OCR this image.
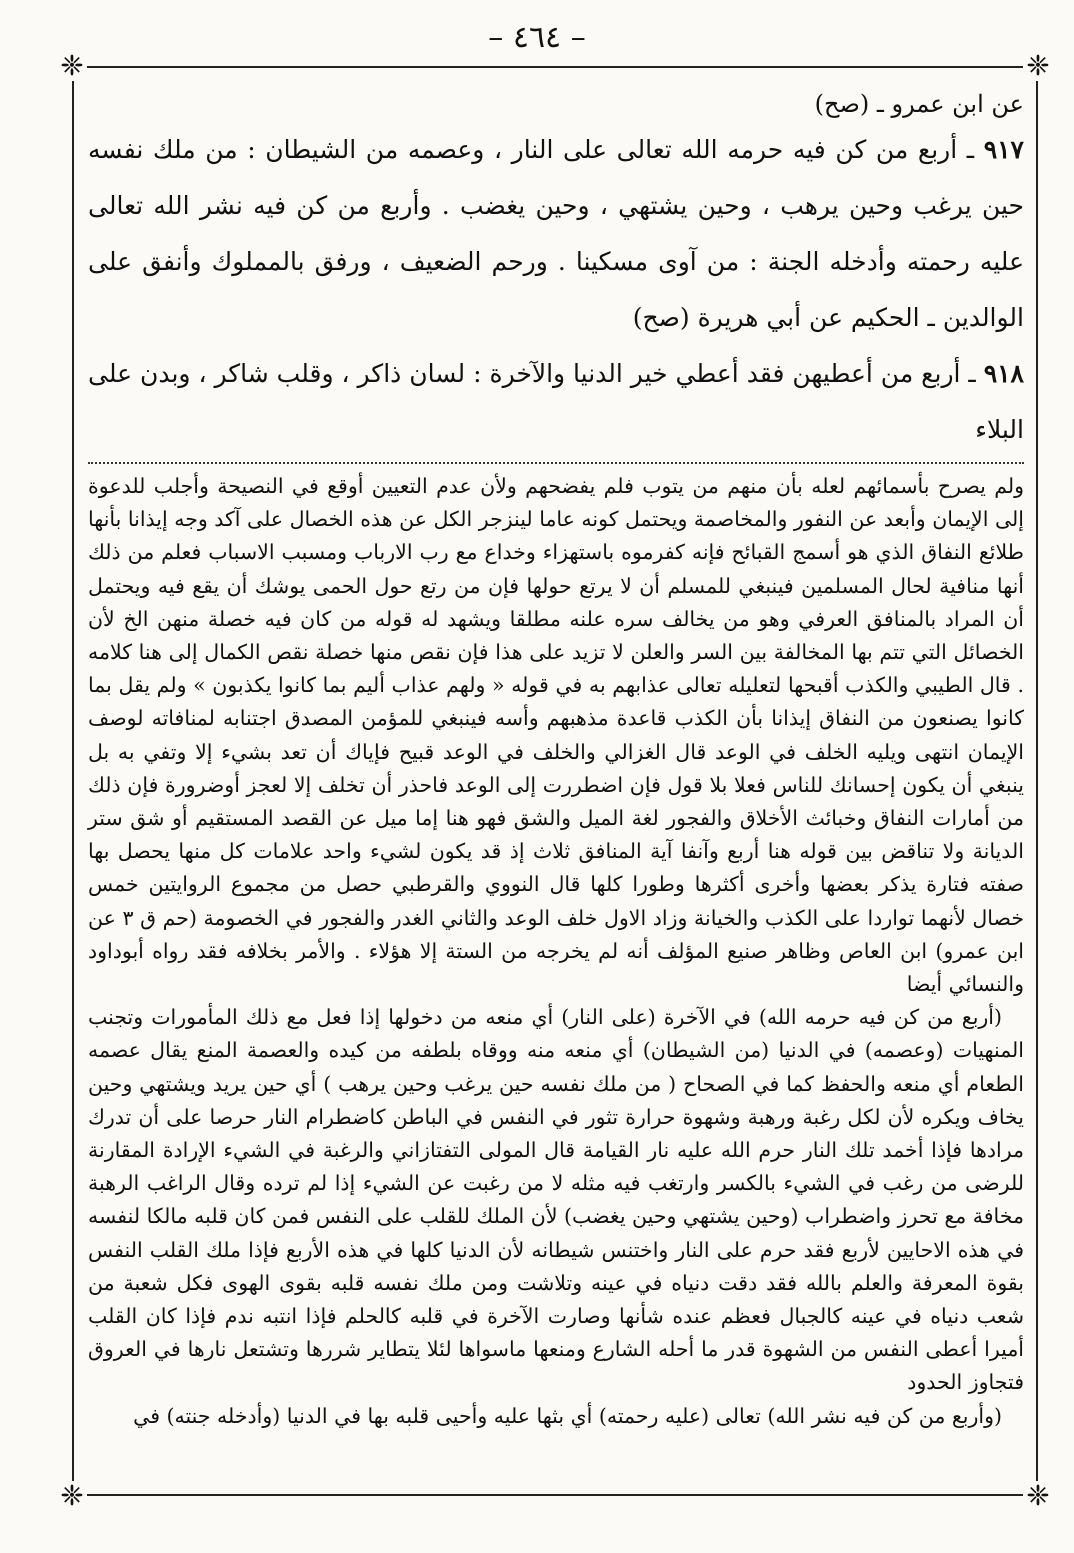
– ٤٦٤ –
❈	❈
❈	❈

عن ابن عمرو ـ (صح)

٩١٧ ـ أربع من كن فيه حرمه الله تعالى على النار ، وعصمه من الشيطان : من ملك نفسه حين يرغب وحين يرهب ، وحين يشتهي ، وحين يغضب . وأربع من كن فيه نشر الله تعالى عليه رحمته وأدخله الجنة : من آوى مسكينا . ورحم الضعيف ، ورفق بالمملوك وأنفق على الوالدين ـ الحكيم عن أبي هريرة (صح)

٩١٨ ـ أربع من أعطيهن فقد أعطي خير الدنيا والآخرة : لسان ذاكر ، وقلب شاكر ، وبدن على البلاء

ولم يصرح بأسمائهم لعله بأن منهم من يتوب فلم يفضحهم ولأن عدم التعيين أوقع في النصيحة وأجلب للدعوة إلى الإيمان وأبعد عن النفور والمخاصمة ويحتمل كونه عاما لينزجر الكل عن هذه الخصال على آكد وجه إيذانا بأنها طلائع النفاق الذي هو أسمج القبائح فإنه كفرموه باستهزاء وخداع مع رب الارباب ومسبب الاسباب فعلم من ذلك أنها منافية لحال المسلمين فينبغي للمسلم أن لا يرتع حولها فإن من رتع حول الحمى يوشك أن يقع فيه ويحتمل أن المراد بالمنافق العرفي وهو من يخالف سره علنه مطلقا ويشهد له قوله من كان فيه خصلة منهن الخ لأن الخصائل التي تتم بها المخالفة بين السر والعلن لا تزيد على هذا فإن نقص منها خصلة نقص الكمال إلى هنا كلامه . قال الطيبي والكذب أقبحها لتعليله تعالى عذابهم به في قوله « ولهم عذاب أليم بما كانوا يكذبون » ولم يقل بما كانوا يصنعون من النفاق إيذانا بأن الكذب قاعدة مذهبهم وأسه فينبغي للمؤمن المصدق اجتنابه لمنافاته لوصف الإيمان انتهى ويليه الخلف في الوعد قال الغزالي والخلف في الوعد قبيح فإياك أن تعد بشيء إلا وتفي به بل ينبغي أن يكون إحسانك للناس فعلا بلا قول فإن اضطررت إلى الوعد فاحذر أن تخلف إلا لعجز أوضرورة فإن ذلك من أمارات النفاق وخبائث الأخلاق والفجور لغة الميل والشق فهو هنا إما ميل عن القصد المستقيم أو شق ستر الديانة ولا تناقض بين قوله هنا أربع وآنفا آية المنافق ثلاث إذ قد يكون لشيء واحد علامات كل منها يحصل بها صفته فتارة يذكر بعضها وأخرى أكثرها وطورا كلها قال النووي والقرطبي حصل من مجموع الروايتين خمس خصال لأنهما تواردا على الكذب والخيانة وزاد الاول خلف الوعد والثاني الغدر والفجور في الخصومة (حم ق ٣ عن ابن عمرو) ابن العاص وظاهر صنيع المؤلف أنه لم يخرجه من الستة إلا هؤلاء . والأمر بخلافه فقد رواه أبوداود والنسائي أيضا

(أربع من كن فيه حرمه الله) في الآخرة (على النار) أي منعه من دخولها إذا فعل مع ذلك المأمورات وتجنب المنهيات (وعصمه) في الدنيا (من الشيطان) أي منعه منه ووقاه بلطفه من كيده والعصمة المنع يقال عصمه الطعام أي منعه والحفظ كما في الصحاح ( من ملك نفسه حين يرغب وحين يرهب ) أي حين يريد ويشتهي وحين يخاف ويكره لأن لكل رغبة ورهبة وشهوة حرارة تثور في النفس في الباطن كاضطرام النار حرصا على أن تدرك مرادها فإذا أخمد تلك النار حرم الله عليه نار القيامة قال المولى التفتازاني والرغبة في الشيء الإرادة المقارنة للرضى من رغب في الشيء بالكسر وارتغب فيه مثله لا من رغبت عن الشيء إذا لم ترده وقال الراغب الرهبة مخافة مع تحرز واضطراب (وحين يشتهي وحين يغضب) لأن الملك للقلب على النفس فمن كان قلبه مالكا لنفسه في هذه الاحايين لأربع فقد حرم على النار واختنس شيطانه لأن الدنيا كلها في هذه الأربع فإذا ملك القلب النفس بقوة المعرفة والعلم بالله فقد دقت دنياه في عينه وتلاشت ومن ملك نفسه قلبه بقوى الهوى فكل شعبة من شعب دنياه في عينه كالجبال فعظم عنده شأنها وصارت الآخرة في قلبه كالحلم فإذا انتبه ندم فإذا كان القلب أميرا أعطى النفس من الشهوة قدر ما أحله الشارع ومنعها ماسواها لئلا يتطاير شررها وتشتعل نارها في العروق فتجاوز الحدود

(وأربع من كن فيه نشر الله) تعالى (عليه رحمته) أي بثها عليه وأحيى قلبه بها في الدنيا (وأدخله جنته) في
